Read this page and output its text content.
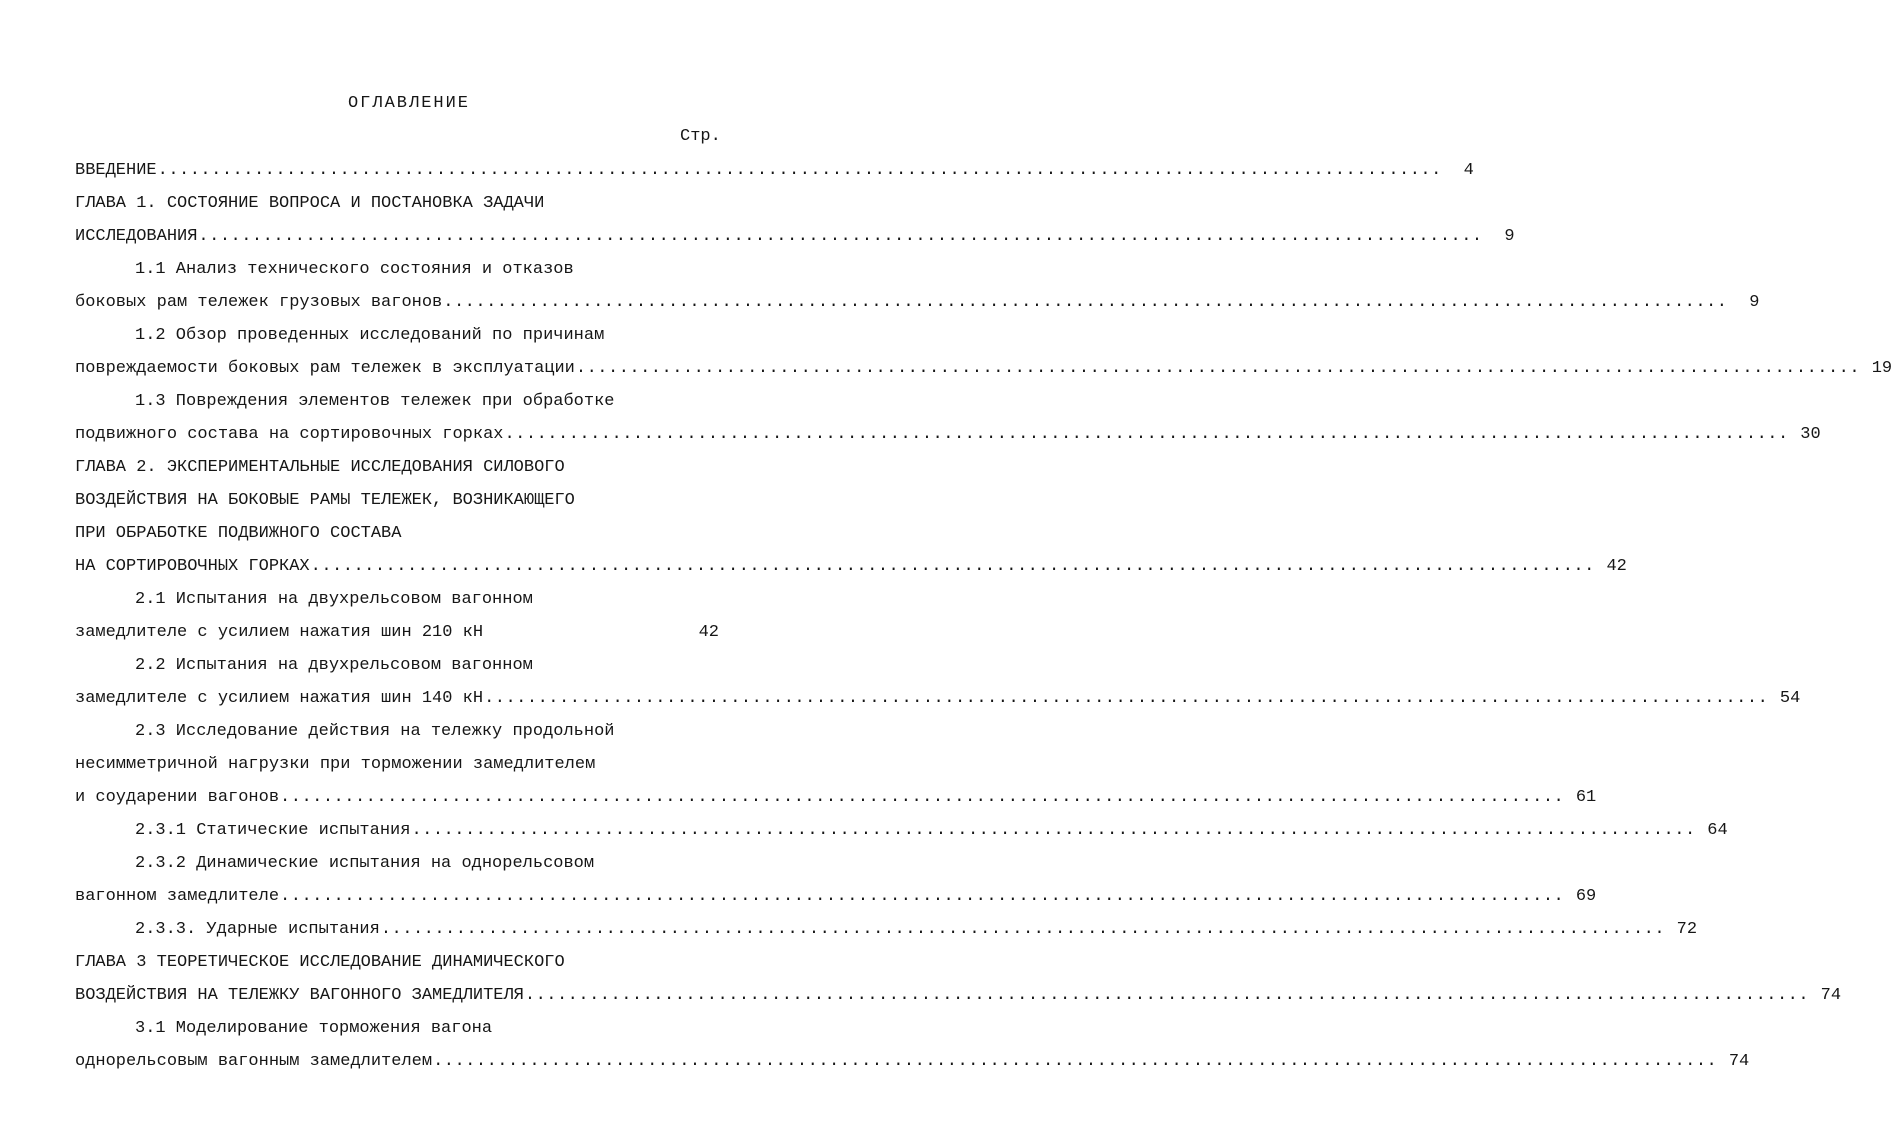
ОГЛАВЛЕНИЕ
Стр.
ВВЕДЕНИЕ ........................................................................................................................	4
ГЛАВА 1. СОСТОЯНИЕ ВОПРОСА И ПОСТАНОВКА ЗАДАЧИ
ИССЛЕДОВАНИЯ ........................................................................................................................	9
1.1 Анализ технического состояния и отказов
боковых рам тележек грузовых вагонов ........................................................................................................................	9
1.2 Обзор проведенных исследований по причинам
повреждаемости боковых рам тележек в эксплуатации ........................................................................................................................ 19
1.3 Повреждения элементов тележек при обработке
подвижного состава на сортировочных горках ........................................................................................................................ 30
ГЛАВА 2. ЭКСПЕРИМЕНТАЛЬНЫЕ ИССЛЕДОВАНИЯ СИЛОВОГО
ВОЗДЕЙСТВИЯ НА БОКОВЫЕ РАМЫ ТЕЛЕЖЕК, ВОЗНИКАЮЩЕГО
ПРИ ОБРАБОТКЕ ПОДВИЖНОГО СОСТАВА
НА СОРТИРОВОЧНЫХ ГОРКАХ ........................................................................................................................ 42
2.1 Испытания на двухрельсовом вагонном
замедлителе с усилием нажатия шин 210 кН	42
2.2 Испытания на двухрельсовом вагонном
замедлителе с усилием нажатия шин 140 кН ........................................................................................................................ 54
2.3 Исследование действия на тележку продольной
несимметричной нагрузки при торможении замедлителем
и соударении вагонов ........................................................................................................................ 61
2.3.1 Статические испытания ........................................................................................................................ 64
2.3.2 Динамические испытания на однорельсовом
вагонном замедлителе ........................................................................................................................ 69
2.3.3. Ударные испытания ........................................................................................................................ 72
ГЛАВА 3 ТЕОРЕТИЧЕСКОЕ ИССЛЕДОВАНИЕ ДИНАМИЧЕСКОГО
ВОЗДЕЙСТВИЯ НА ТЕЛЕЖКУ ВАГОННОГО ЗАМЕДЛИТЕЛЯ ........................................................................................................................ 74
3.1 Моделирование торможения вагона
однорельсовым вагонным замедлителем ........................................................................................................................ 74
